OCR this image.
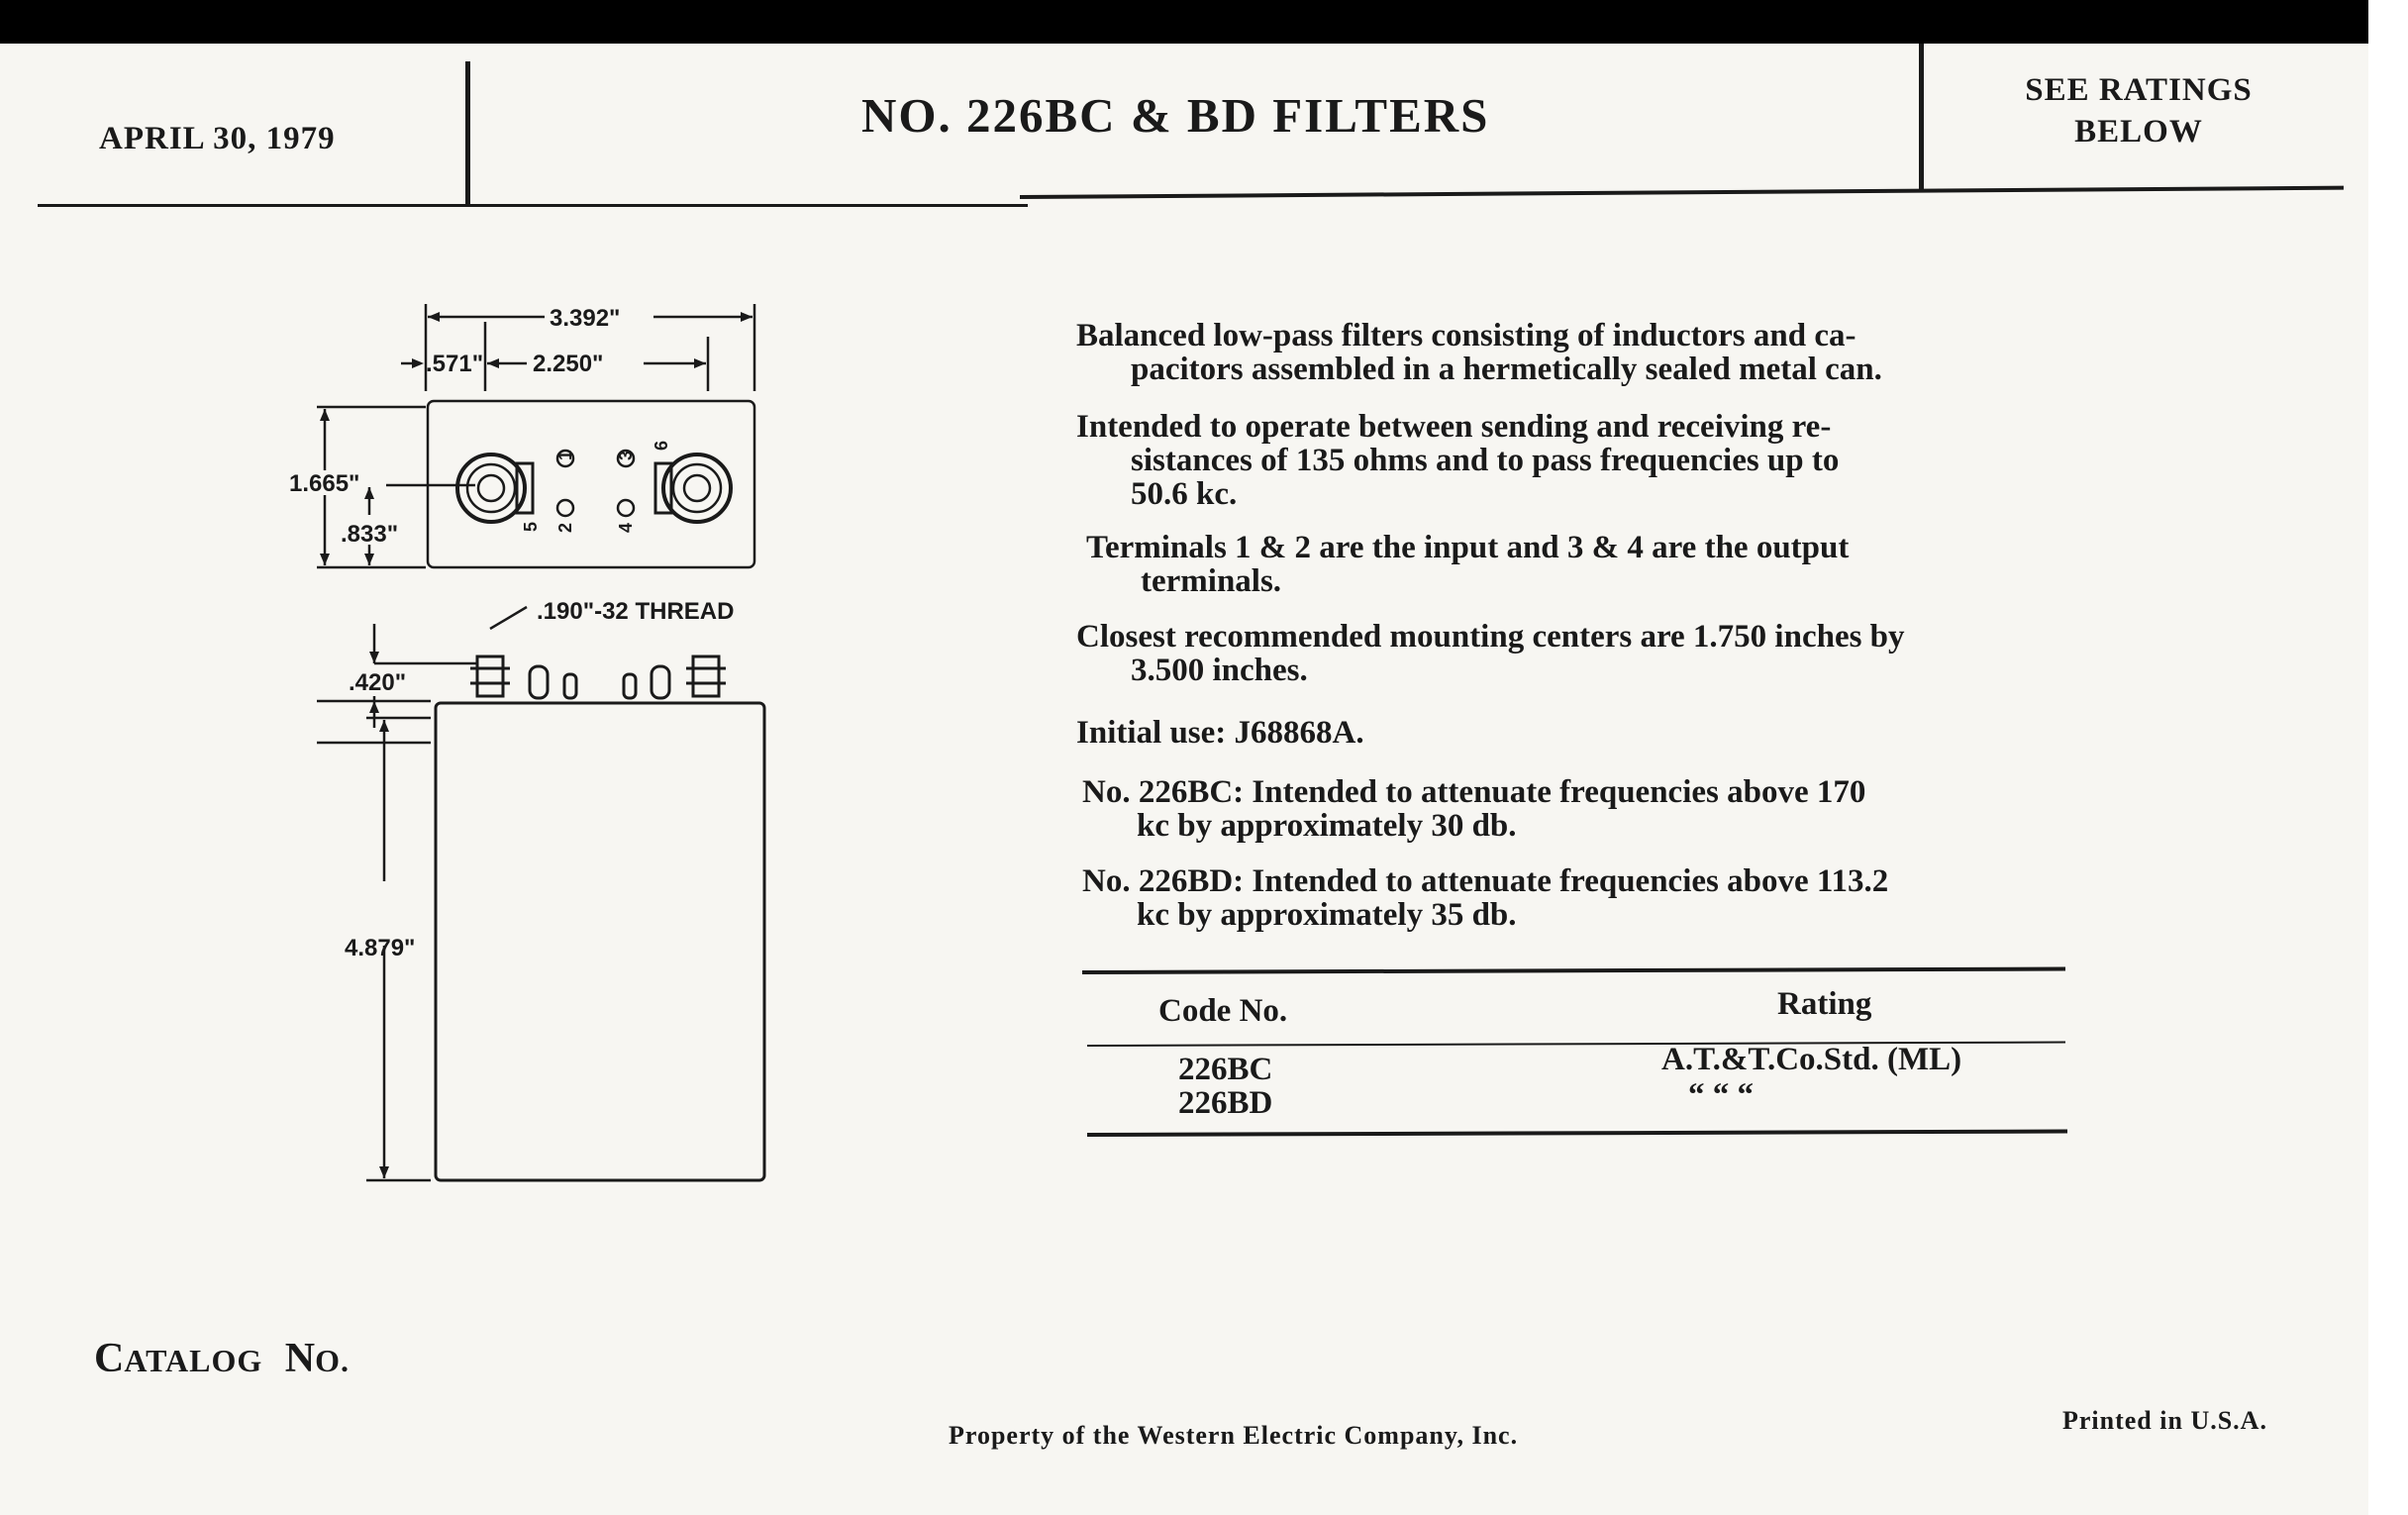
APRIL 30, 1979	NO. 226BC & BD FILTERS	SEE RATINGS
BELOW
3.392"
.571" 2.250"
1.665"
.833"
.190"-32 THREAD
.420"
4.879"
5 2
1
4
3
6
Balanced low-pass filters consisting of inductors and ca-
pacitors assembled in a hermetically sealed metal can.
Intended to operate between sending and receiving re-
sistances of 135 ohms and to pass frequencies up to
50.6 kc.
Terminals 1 & 2 are the input and 3 & 4 are the output
terminals.
Closest recommended mounting centers are 1.750 inches by
3.500 inches.
Initial use: J68868A.
No. 226BC: Intended to attenuate frequencies above 170
kc by approximately 30 db.
No. 226BD: Intended to attenuate frequencies above 113.2
kc by approximately 35 db.
Code No.	Rating
226BC	A.T.&T.Co.Std. (ML)
226BD	“ “ “
CATALOG NO.
Property of the Western Electric Company, Inc.
Printed in U.S.A.
